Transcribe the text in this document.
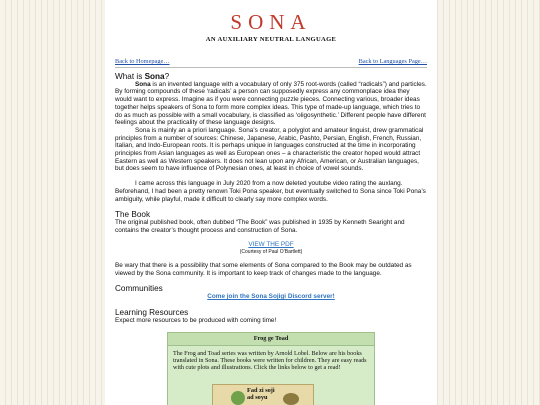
SONA
AN AUXILIARY NEUTRAL LANGUAGE
Back to Homepage…	Back to Languages Page…
What is Sona?

Sona is an invented language with a vocabulary of only 375 root-words (called “radicals”) and particles. By forming compounds of these ‘radicals’ a person can supposedly express any commonplace idea they would want to express. Imagine as if you were connecting puzzle pieces. Connecting various, broader ideas together helps speakers of Sona to form more complex ideas. This type of made-up language, which tries to do as much as possible with a small vocabulary, is classified as ‘oligosynthetic.’ Different people have different feelings about the practicality of these language designs.

Sona is mainly an a priori language. Sona’s creator, a polyglot and amateur linguist, drew grammatical principles from a number of sources: Chinese, Japanese, Arabic, Pashto, Persian, English, French, Russian, Italian, and Indo-European roots. It is perhaps unique in languages constructed at the time in incorporating principles from Asian languages as well as European ones – a characteristic the creator hoped would attract Eastern as well as Western speakers. It does not lean upon any African, American, or Australian languages, but does seem to have influence of Polynesian ones, at least in choice of vowel sounds.

I came across this language in July 2020 from a now deleted youtube video rating the auxlang. Beforehand, I had been a pretty renown Toki Pona speaker, but eventually switched to Sona since Toki Pona’s ambiguity, while playful, made it difficult to clearly say more complex words.

The Book

The original published book, often dubbed “The Book” was published in 1935 by Kenneth Searight and contains the creator’s thought process and construction of Sona.

VIEW THE PDF
(Courtesy of Paul O’Bartlett)

Be wary that there is a possibility that some elements of Sona compared to the Book may be outdated as viewed by the Sona community. It is important to keep track of changes made to the language.

Communities
Come join the Sona Sojigi Discord server!
Learning Resources

Expect more resources to be produced with coming time!

Frog ge Toad
The Frog and Toad series was written by Arnold Lobel. Below are his books translated in Sona. These books were written for children. They are easy reads with cute plots and illustrations. Click the links below to get a read!
Fad zi soji
ad soyu
